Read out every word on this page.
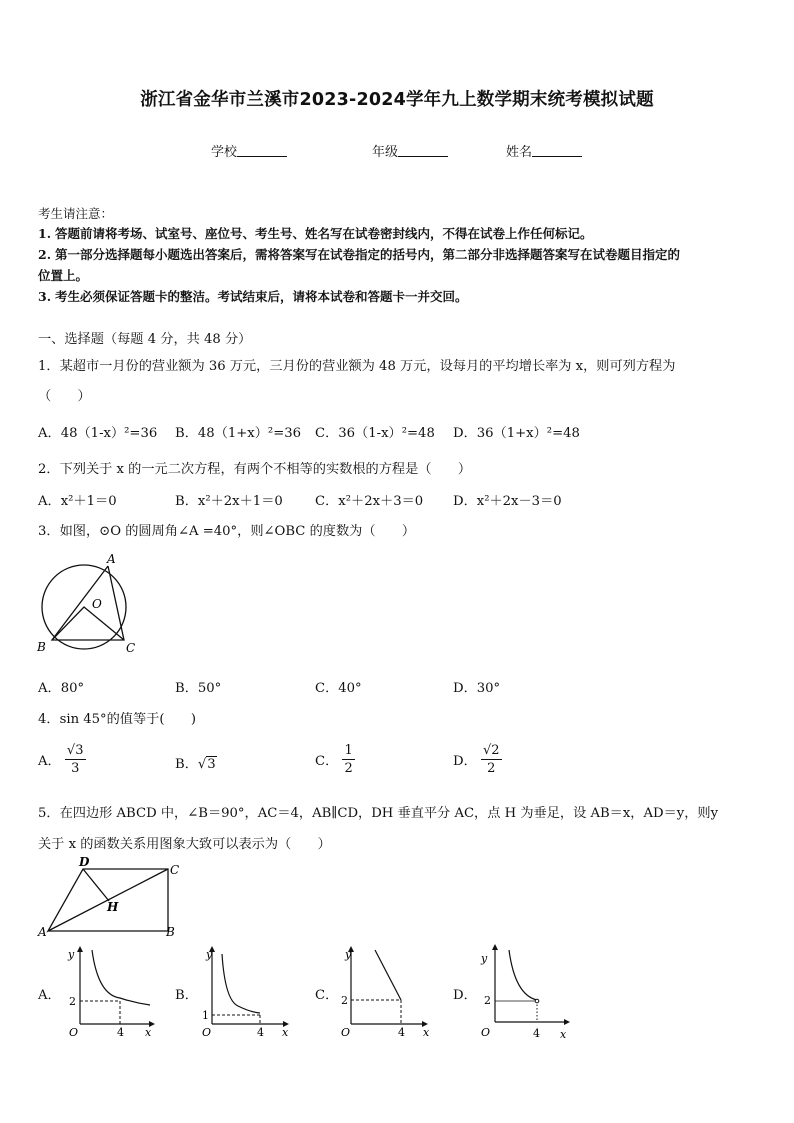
浙江省金华市兰溪市2023-2024学年九上数学期末统考模拟试题
学校	年级	姓名
考生请注意：
1. 答题前请将考场、试室号、座位号、考生号、姓名写在试卷密封线内，不得在试卷上作任何标记。
2. 第一部分选择题每小题选出答案后，需将答案写在试卷指定的括号内，第二部分非选择题答案写在试卷题目指定的
位置上。
3. 考生必须保证答题卡的整洁。考试结束后，请将本试卷和答题卡一并交回。
一、选择题（每题 4 分，共 48 分）
1．某超市一月份的营业额为 36 万元，三月份的营业额为 48 万元，设每月的平均增长率为 x，则可列方程为
（　　）
A．48（1-x）²=36 B．48（1+x）²=36 C．36（1-x）²=48 D．36（1+x）²=48
2．下列关于 x 的一元二次方程，有两个不相等的实数根的方程是（　　）
A．x²＋1＝0	B．x²＋2x＋1＝0 C．x²＋2x＋3＝0 D．x²＋2x－3＝0
3．如图，⊙O 的圆周角∠A =40°，则∠OBC 的度数为（　　）
A
O
B	C
A．80°	B．50°	C．40°	D．30°
4．sin 45°的值等于(　　)
A． $\frac{√3}{3}$	B．√3	C． $\frac{1}{2}$	D． $\frac{√2}{2}$
5．在四边形 ABCD 中，∠B＝90°，AC＝4，AB∥CD，DH 垂直平分 AC，点 H 为垂足，设 AB＝x，AD＝y，则y
关于 x 的函数关系用图象大致可以表示为（　　）
D
C
H
A	B
A．	B．	C．	D．
y
2
O	4 x
y
1
O	4 x
y
2
O	4 x
y
2
O	4 x
